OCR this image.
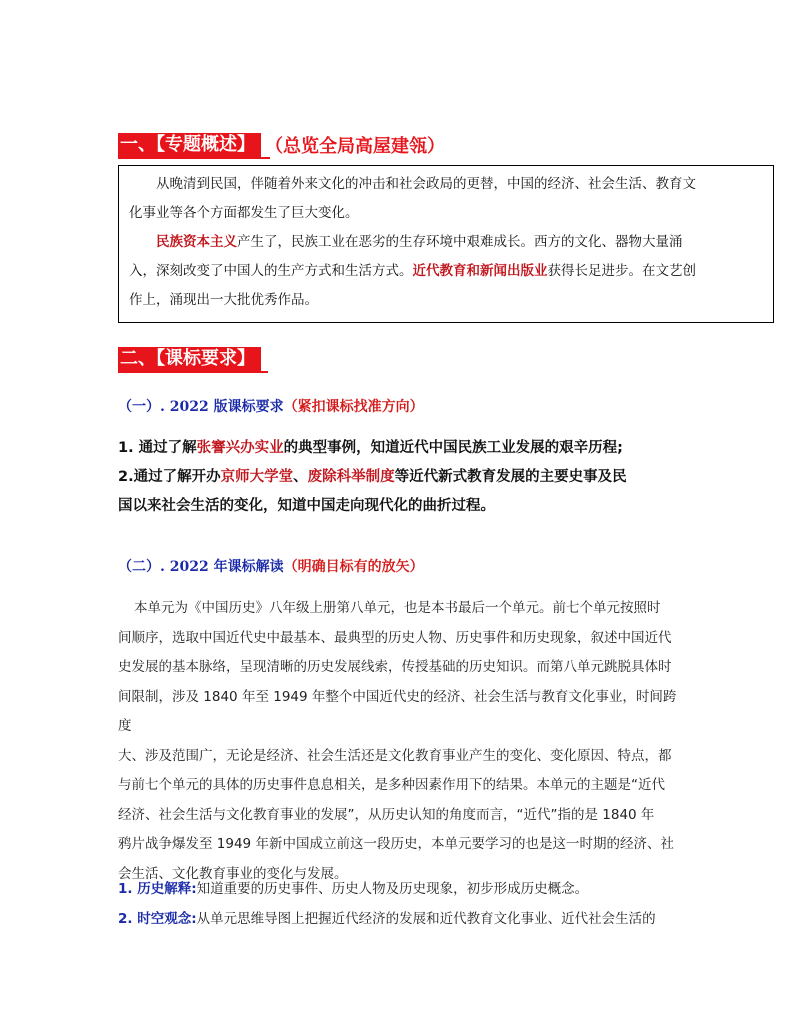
一、【专题概述】 （总览全局高屋建瓴）

从晚清到民国，伴随着外来文化的冲击和社会政局的更替，中国的经济、社会生活、教育文

化事业等各个方面都发生了巨大变化。

民族资本主义产生了，民族工业在恶劣的生存环境中艰难成长。西方的文化、器物大量涌

入，深刻改变了中国人的生产方式和生活方式。近代教育和新闻出版业获得长足进步。在文艺创

作上，涌现出一大批优秀作品。

二、【课标要求】
（一）. 2022 版课标要求（紧扣课标找准方向）
1. 通过了解张謇兴办实业的典型事例，知道近代中国民族工业发展的艰辛历程;
2.通过了解开办京师大学堂、废除科举制度等近代新式教育发展的主要史事及民
国以来社会生活的变化，知道中国走向现代化的曲折过程。
（二）. 2022 年课标解读（明确目标有的放矢）
本单元为《中国历史》八年级上册第八单元，也是本书最后一个单元。前七个单元按照时
间顺序，选取中国近代史中最基本、最典型的历史人物、历史事件和历史现象，叙述中国近代
史发展的基本脉络，呈现清晰的历史发展线索，传授基础的历史知识。而第八单元跳脱具体时
间限制，涉及 1840 年至 1949 年整个中国近代史的经济、社会生活与教育文化事业，时间跨度
大、涉及范围广，无论是经济、社会生活还是文化教育事业产生的变化、变化原因、特点，都
与前七个单元的具体的历史事件息息相关，是多种因素作用下的结果。本单元的主题是“近代
经济、社会生活与文化教育事业的发展”，从历史认知的角度而言，“近代”指的是 1840 年
鸦片战争爆发至 1949 年新中国成立前这一段历史，本单元要学习的也是这一时期的经济、社
会生活、文化教育事业的变化与发展。
1. 历史解释:知道重要的历史事件、历史人物及历史现象，初步形成历史概念。
2. 时空观念:从单元思维导图上把握近代经济的发展和近代教育文化事业、近代社会生活的
